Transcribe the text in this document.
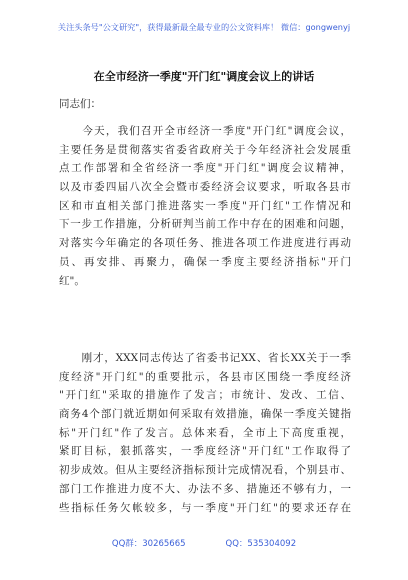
关注头条号"公文研究"，获得最新最全最专业的公文资料库！ 微信：gongwenyj
在全市经济一季度"开门红"调度会议上的讲话
同志们：
　　今天，我们召开全市经济一季度"开门红"调度会议，
主要任务是贯彻落实省委省政府关于今年经济社会发展重
点工作部署和全省经济一季度"开门红"调度会议精神，
以及市委四届八次全会暨市委经济会议要求，听取各县市
区和市直相关部门推进落实一季度"开门红"工作情况和
下一步工作措施，分析研判当前工作中存在的困难和问题，
对落实今年确定的各项任务、推进各项工作进度进行再动
员、再安排、再聚力，确保一季度主要经济指标"开门
红"。
　　刚才，XXX同志传达了省委书记XX、省长XX关于一季
度经济"开门红"的重要批示，各县市区围绕一季度经济
"开门红"采取的措施作了发言；市统计、发改、工信、
商务4个部门就近期如何采取有效措施，确保一季度关键指
标"开门红"作了发言。总体来看，全市上下高度重视，
紧盯目标，狠抓落实，一季度经济"开门红"工作取得了
初步成效。但从主要经济指标预计完成情况看，个别县市、
部门工作推进力度不大、办法不多、措施还不够有力，一
些指标任务欠帐较多，与一季度"开门红"的要求还存在
QQ群：30265665	QQ：535304092
